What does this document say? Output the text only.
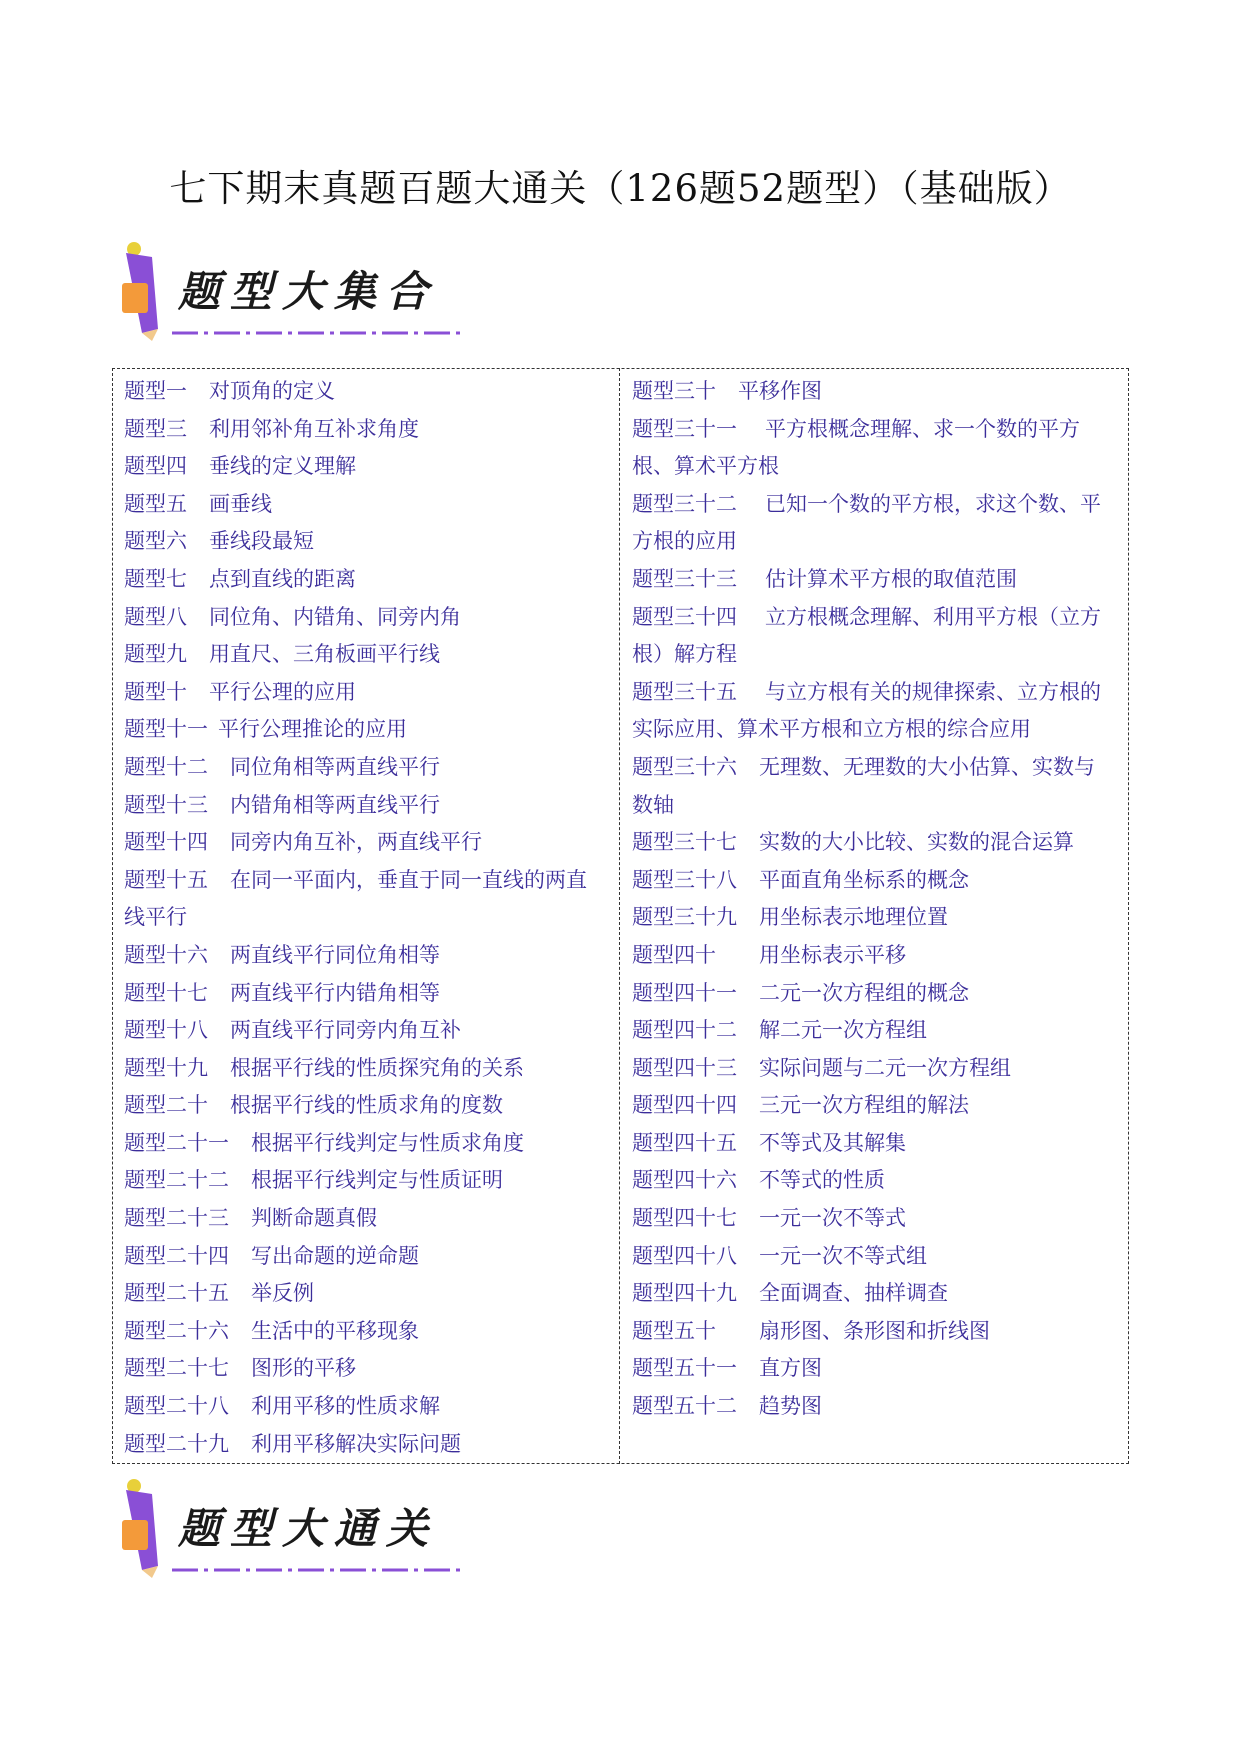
七下期末真题百题大通关（126题52题型）（基础版）
题型大集合
题型一 对顶角的定义
题型三 利用邻补角互补求角度
题型四 垂线的定义理解
题型五 画垂线
题型六 垂线段最短
题型七 点到直线的距离
题型八 同位角、内错角、同旁内角
题型九 用直尺、三角板画平行线
题型十 平行公理的应用
题型十一 平行公理推论的应用
题型十二 同位角相等两直线平行
题型十三 内错角相等两直线平行
题型十四 同旁内角互补，两直线平行
题型十五 在同一平面内，垂直于同一直线的两直
线平行
题型十六 两直线平行同位角相等
题型十七 两直线平行内错角相等
题型十八 两直线平行同旁内角互补
题型十九 根据平行线的性质探究角的关系
题型二十 根据平行线的性质求角的度数
题型二十一 根据平行线判定与性质求角度
题型二十二 根据平行线判定与性质证明
题型二十三 判断命题真假
题型二十四 写出命题的逆命题
题型二十五 举反例
题型二十六 生活中的平移现象
题型二十七 图形的平移
题型二十八 利用平移的性质求解
题型二十九 利用平移解决实际问题
题型三十 平移作图
题型三十一 平方根概念理解、求一个数的平方
根、算术平方根
题型三十二 已知一个数的平方根，求这个数、平
方根的应用
题型三十三 估计算术平方根的取值范围
题型三十四 立方根概念理解、利用平方根（立方
根）解方程
题型三十五 与立方根有关的规律探索、立方根的
实际应用、算术平方根和立方根的综合应用
题型三十六 无理数、无理数的大小估算、实数与
数轴
题型三十七 实数的大小比较、实数的混合运算
题型三十八 平面直角坐标系的概念
题型三十九 用坐标表示地理位置
题型四十 用坐标表示平移
题型四十一 二元一次方程组的概念
题型四十二 解二元一次方程组
题型四十三 实际问题与二元一次方程组
题型四十四 三元一次方程组的解法
题型四十五 不等式及其解集
题型四十六 不等式的性质
题型四十七 一元一次不等式
题型四十八 一元一次不等式组
题型四十九 全面调查、抽样调查
题型五十 扇形图、条形图和折线图
题型五十一 直方图
题型五十二 趋势图
题型大通关
